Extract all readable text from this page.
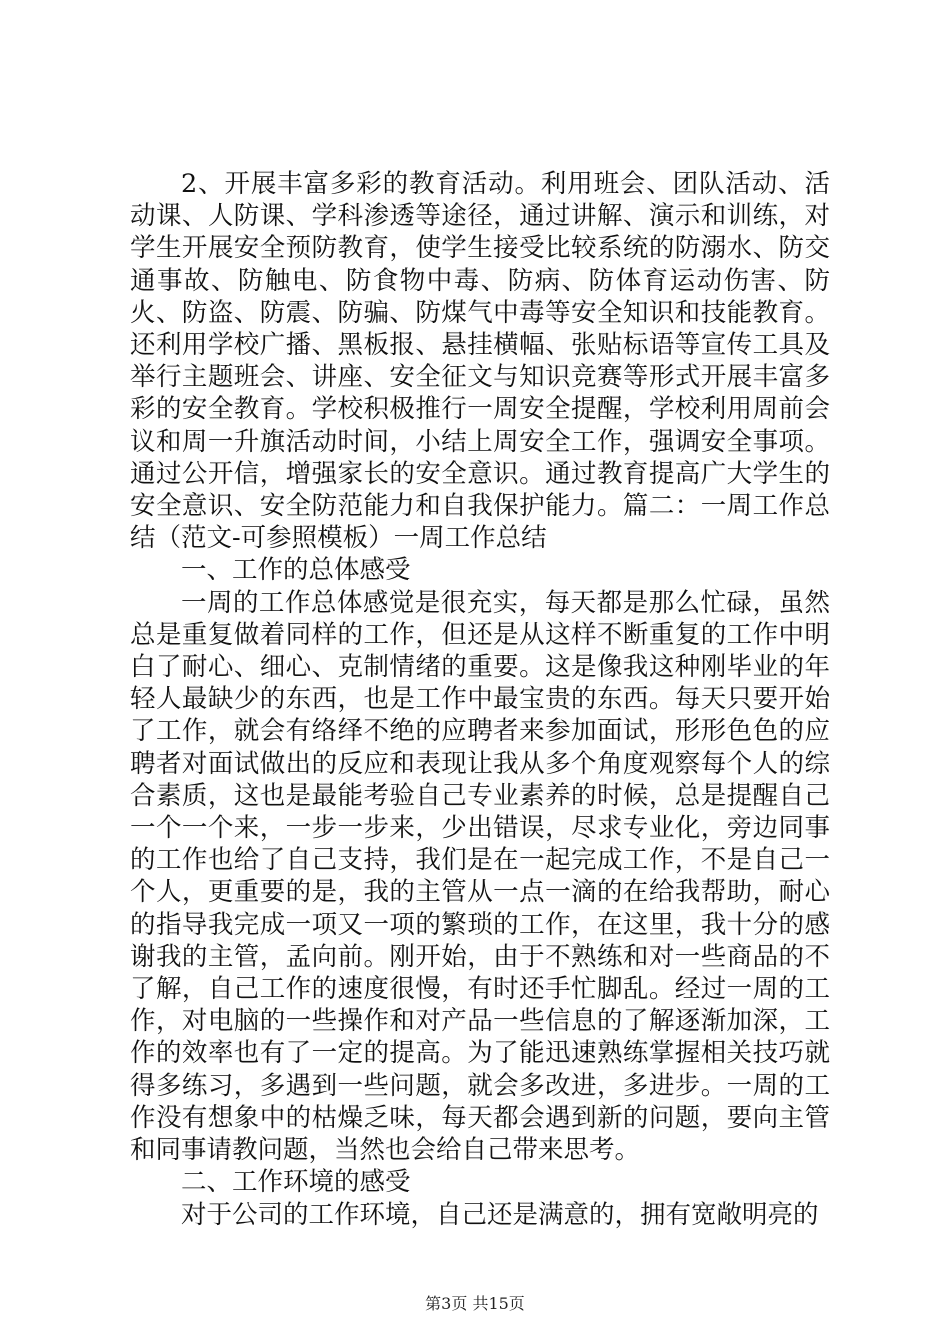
2、开展丰富多彩的教育活动。利用班会、团队活动、活动课、人防课、学科渗透等途径，通过讲解、演示和训练，对学生开展安全预防教育，使学生接受比较系统的防溺水、防交通事故、防触电、防食物中毒、防病、防体育运动伤害、防火、防盗、防震、防骗、防煤气中毒等安全知识和技能教育。还利用学校广播、黑板报、悬挂横幅、张贴标语等宣传工具及举行主题班会、讲座、安全征文与知识竞赛等形式开展丰富多彩的安全教育。学校积极推行一周安全提醒，学校利用周前会议和周一升旗活动时间，小结上周安全工作，强调安全事项。通过公开信，增强家长的安全意识。通过教育提高广大学生的安全意识、安全防范能力和自我保护能力。篇二：一周工作总结（范文-可参照模板）一周工作总结

一、工作的总体感受

一周的工作总体感觉是很充实，每天都是那么忙碌，虽然总是重复做着同样的工作，但还是从这样不断重复的工作中明白了耐心、细心、克制情绪的重要。这是像我这种刚毕业的年轻人最缺少的东西，也是工作中最宝贵的东西。每天只要开始了工作，就会有络绎不绝的应聘者来参加面试，形形色色的应聘者对面试做出的反应和表现让我从多个角度观察每个人的综合素质，这也是最能考验自己专业素养的时候，总是提醒自己一个一个来，一步一步来，少出错误，尽求专业化，旁边同事的工作也给了自己支持，我们是在一起完成工作，不是自己一个人，更重要的是，我的主管从一点一滴的在给我帮助，耐心的指导我完成一项又一项的繁琐的工作，在这里，我十分的感谢我的主管，孟向前。刚开始，由于不熟练和对一些商品的不了解，自己工作的速度很慢，有时还手忙脚乱。经过一周的工作，对电脑的一些操作和对产品一些信息的了解逐渐加深，工作的效率也有了一定的提高。为了能迅速熟练掌握相关技巧就得多练习，多遇到一些问题，就会多改进，多进步。一周的工作没有想象中的枯燥乏味，每天都会遇到新的问题，要向主管和同事请教问题，当然也会给自己带来思考。

二、工作环境的感受

对于公司的工作环境，自己还是满意的，拥有宽敞明亮的

第3页 共15页
